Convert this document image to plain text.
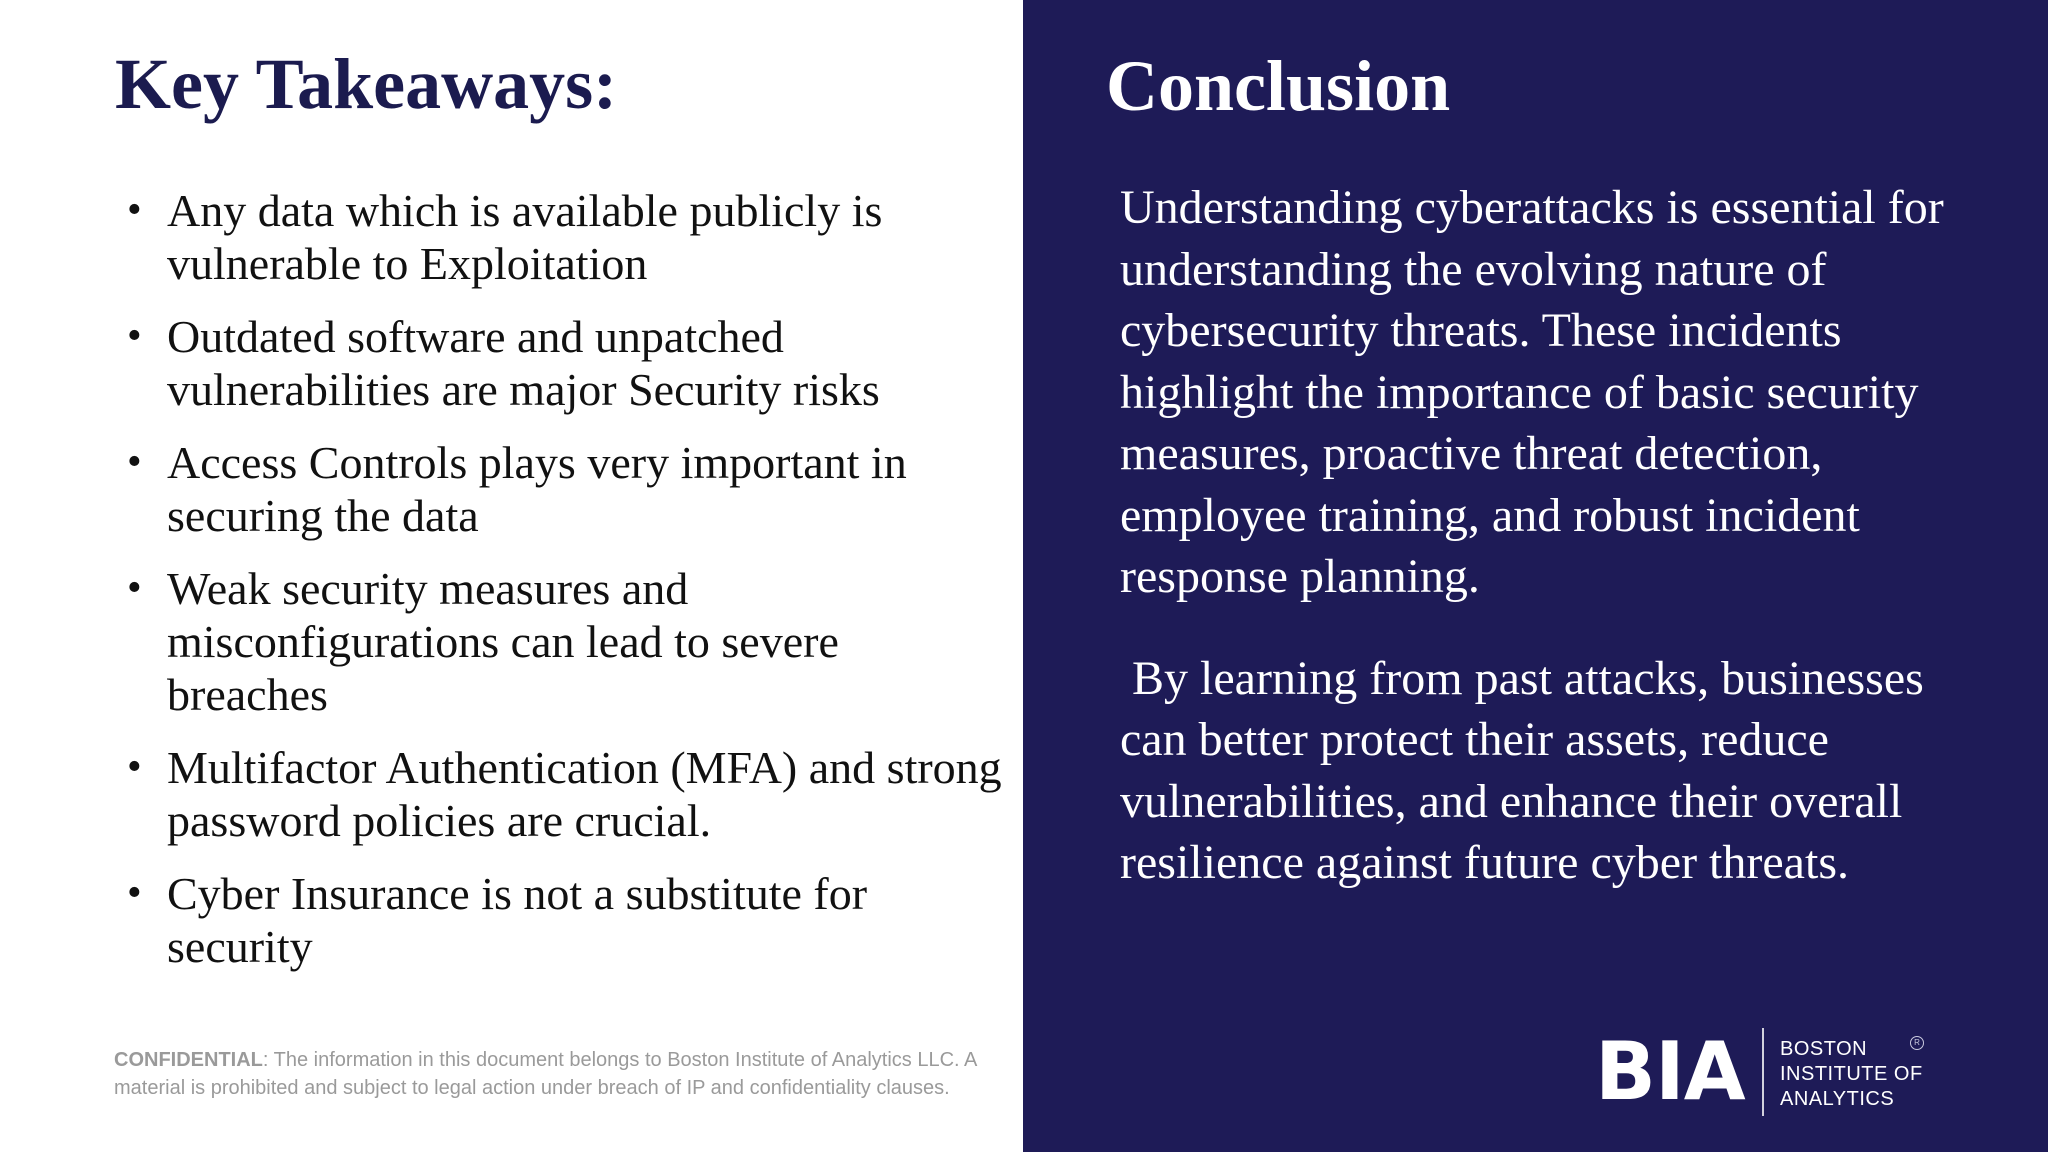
Key Takeaways:
• Any data which is available publicly is vulnerable to Exploitation
• Outdated software and unpatched vulnerabilities are major Security risks
• Access Controls plays very important in securing the data
• Weak security measures and misconfigurations can lead to severe breaches
• Multifactor Authentication (MFA) and strong password policies are crucial.
• Cyber Insurance is not a substitute for security
CONFIDENTIAL: The information in this document belongs to Boston Institute of Analytics LLC. A
material is prohibited and subject to legal action under breach of IP and confidentiality clauses.
Conclusion

Understanding cyberattacks is essential for understanding the evolving nature of cybersecurity threats. These incidents highlight the importance of basic security measures, proactive threat detection, employee training, and robust incident response planning.

By learning from past attacks, businesses can better protect their assets, reduce vulnerabilities, and enhance their overall resilience against future cyber threats.

BIA BOSTON
INSTITUTE OF
ANALYTICS
R
